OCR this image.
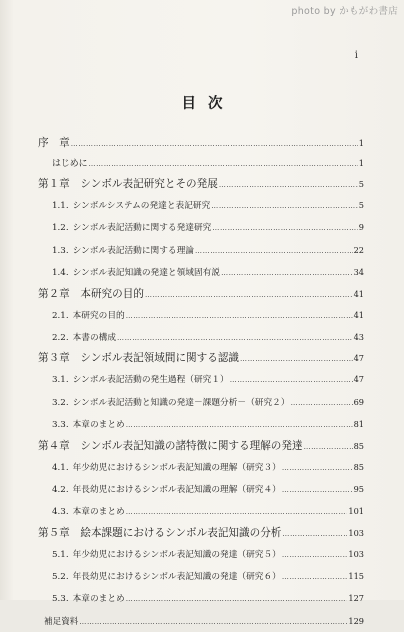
photo by かもがわ書店
i
目次
序　章 …………………………………………………………………………………………………………………………………………………………	1
はじめに …………………………………………………………………………………………………………………………………………………………	1
第１章　シンボル表記研究とその発展 …………………………………………………………………………………………………………………………………………………………	5
1.1. シンボルシステムの発達と表記研究 …………………………………………………………………………………………………………………………………………………………	5
1.2. シンボル表記活動に関する発達研究 …………………………………………………………………………………………………………………………………………………………	9
1.3. シンボル表記活動に関する理論 …………………………………………………………………………………………………………………………………………………………	22
1.4. シンボル表記知識の発達と領域固有説 …………………………………………………………………………………………………………………………………………………………	34
第２章　本研究の目的 …………………………………………………………………………………………………………………………………………………………	41
2.1. 本研究の目的 …………………………………………………………………………………………………………………………………………………………	41
2.2. 本書の構成 …………………………………………………………………………………………………………………………………………………………	43
第３章　シンボル表記領域間に関する認識 …………………………………………………………………………………………………………………………………………………………	47
3.1. シンボル表記活動の発生過程（研究１） …………………………………………………………………………………………………………………………………………………………	47
3.2. シンボル表記活動と知識の発達－課題分析－（研究２） …………………………………………………………………………………………………………………………………………………………	69
3.3. 本章のまとめ …………………………………………………………………………………………………………………………………………………………	81
第４章　シンボル表記知識の諸特徴に関する理解の発達 …………………………………………………………………………………………………………………………………………………………	85
4.1. 年少幼児におけるシンボル表記知識の理解（研究３） …………………………………………………………………………………………………………………………………………………………	85
4.2. 年長幼児におけるシンボル表記知識の理解（研究４） …………………………………………………………………………………………………………………………………………………………	95
4.3. 本章のまとめ …………………………………………………………………………………………………………………………………………………………	101
第５章　絵本課題におけるシンボル表記知識の分析 …………………………………………………………………………………………………………………………………………………………	103
5.1. 年少幼児におけるシンボル表記知識の発達（研究５） …………………………………………………………………………………………………………………………………………………………	103
5.2. 年長幼児におけるシンボル表記知識の発達（研究６） …………………………………………………………………………………………………………………………………………………………	115
5.3. 本章のまとめ …………………………………………………………………………………………………………………………………………………………	127
補足資料 …………………………………………………………………………………………………………………………………………………………	129
